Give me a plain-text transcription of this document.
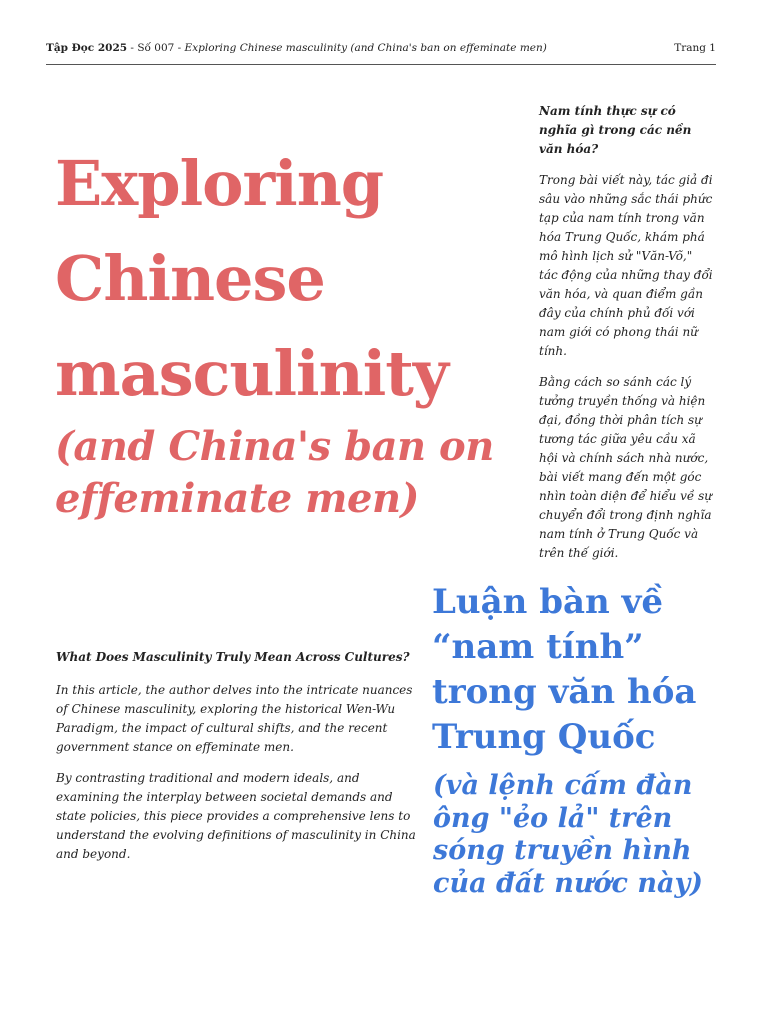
Tập Đọc 2025 - Số 007 - Exploring Chinese masculinity (and China's ban on effeminate men)	Trang 1
Exploring
Chinese
masculinity
(and China's ban on
effeminate men)

Nam tính thực sự có nghĩa gì trong các nền văn hóa?

Trong bài viết này, tác giả đi sâu vào những sắc thái phức tạp của nam tính trong văn hóa Trung Quốc, khám phá mô hình lịch sử "Văn-Võ," tác động của những thay đổi văn hóa, và quan điểm gần đây của chính phủ đối với nam giới có phong thái nữ tính.

Bằng cách so sánh các lý tưởng truyền thống và hiện đại, đồng thời phân tích sự tương tác giữa yêu cầu xã hội và chính sách nhà nước, bài viết mang đến một góc nhìn toàn diện để hiểu về sự chuyển đổi trong định nghĩa nam tính ở Trung Quốc và trên thế giới.

Luận bàn về
“nam tính”
trong văn hóa
Trung Quốc
(và lệnh cấm đàn
ông "ẻo lả" trên
sóng truyền hình
của đất nước này)

What Does Masculinity Truly Mean Across Cultures?

In this article, the author delves into the intricate nuances of Chinese masculinity, exploring the historical Wen-Wu Paradigm, the impact of cultural shifts, and the recent government stance on effeminate men.

By contrasting traditional and modern ideals, and examining the interplay between societal demands and state policies, this piece provides a comprehensive lens to understand the evolving definitions of masculinity in China and beyond.
